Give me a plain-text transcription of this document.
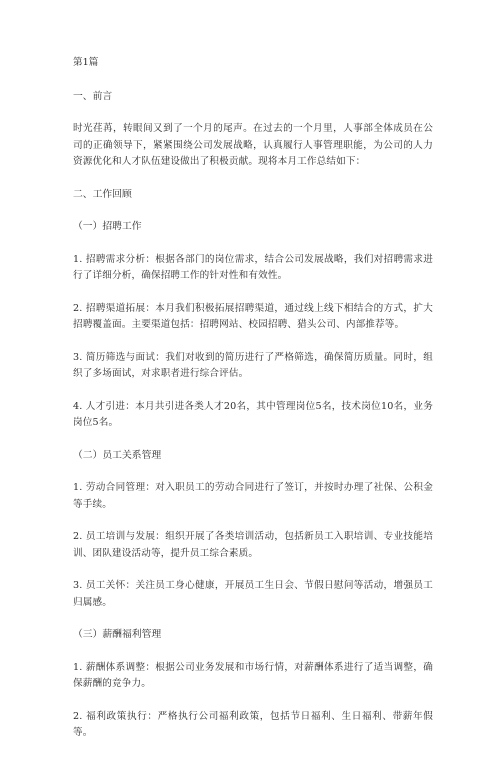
第1篇
一、前言
时光荏苒，转眼间又到了一个月的尾声。在过去的一个月里，人事部全体成员在公司的正确领导下，紧紧围绕公司发展战略，认真履行人事管理职能，为公司的人力资源优化和人才队伍建设做出了积极贡献。现将本月工作总结如下：
二、工作回顾
（一）招聘工作
1. 招聘需求分析：根据各部门的岗位需求，结合公司发展战略，我们对招聘需求进行了详细分析，确保招聘工作的针对性和有效性。
2. 招聘渠道拓展：本月我们积极拓展招聘渠道，通过线上线下相结合的方式，扩大招聘覆盖面。主要渠道包括：招聘网站、校园招聘、猎头公司、内部推荐等。
3. 简历筛选与面试：我们对收到的简历进行了严格筛选，确保简历质量。同时，组织了多场面试，对求职者进行综合评估。
4. 人才引进：本月共引进各类人才20名，其中管理岗位5名，技术岗位10名，业务岗位5名。
（二）员工关系管理
1. 劳动合同管理：对入职员工的劳动合同进行了签订，并按时办理了社保、公积金等手续。
2. 员工培训与发展：组织开展了各类培训活动，包括新员工入职培训、专业技能培训、团队建设活动等，提升员工综合素质。
3. 员工关怀：关注员工身心健康，开展员工生日会、节假日慰问等活动，增强员工归属感。
（三）薪酬福利管理
1. 薪酬体系调整：根据公司业务发展和市场行情，对薪酬体系进行了适当调整，确保薪酬的竞争力。
2. 福利政策执行：严格执行公司福利政策，包括节日福利、生日福利、带薪年假等。
